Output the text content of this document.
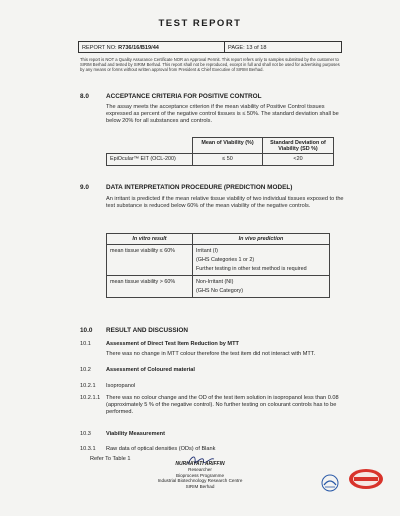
TEST REPORT
REPORT NO: R736/16/B19/44	PAGE: 13 of 18
This report is NOT a Quality Assurance Certificate NOR an Approval Permit. This report refers only to samples submitted by the customer to SIRIM Berhad and tested by SIRIM Berhad. This report shall not be reproduced, except in full and shall not be used for advertising purposes by any means or forms without written approval from President & Chief Executive of SIRIM Berhad.
8.0	ACCEPTANCE CRITERIA FOR POSITIVE CONTROL
The assay meets the acceptance criterion if the mean viability of Positive Control tissues expressed as percent of the negative control tissues is ≤ 50%. The standard deviation shall be below 20% for all substances and controls.
	Mean of Viability (%)	Standard Deviation of Viability (SD %)
EpiOcular™ EIT (OCL-200)	≤ 50	<20
9.0	DATA INTERPRETATION PROCEDURE (PREDICTION MODEL)
An irritant is predicted if the mean relative tissue viability of two individual tissues exposed to the test substance is reduced below 60% of the mean viability of the negative controls.
In vitro result	In vivo prediction
mean tissue viability ≤ 60%	Irritant (I)
(GHS Categories 1 or 2)
Further testing in other test method is required

mean tissue viability > 60%	Non-Irritant (NI)
(GHS No Category)
10.0 RESULT AND DISCUSSION
10.1	Assessment of Direct Test Item Reduction by MTT
There was no change in MTT colour therefore the test item did not interact with MTT.
10.2	Assessment of Coloured material
10.2.1 Isopropanol
10.2.1.1	There was no colour change and the OD of the test item solution in isopropanol less than 0.08 (approximately 5 % of the negative control). No further testing on colourant controls has to be performed.
10.3	Viability Measurement
10.3.1 Raw data of optical densities (ODs) of Blank
Refer To Table 1
NURHAYATI ARIFFIN
Researcher
Bioprocess Programme
Industrial Biotechnology Research Centre
SIRIM Berhad
